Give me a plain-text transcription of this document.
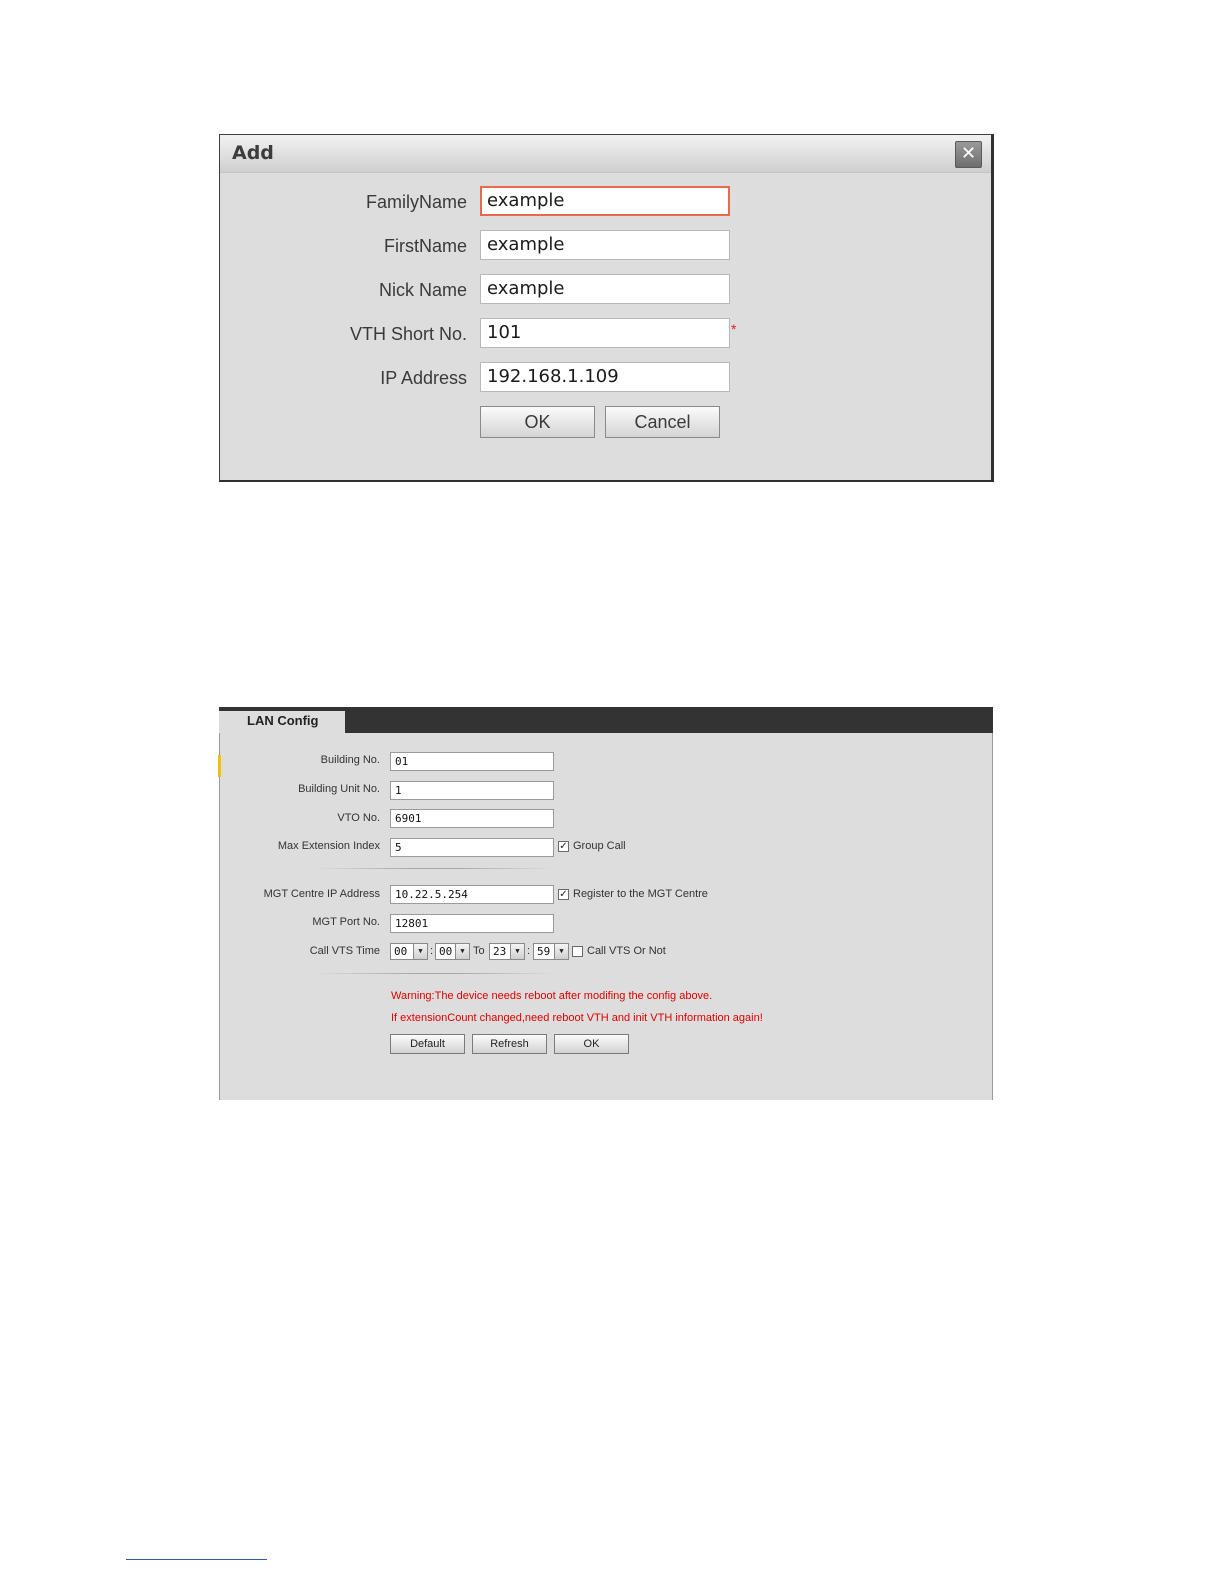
Add	✕
FamilyName	example
FirstName	example
Nick Name	example
VTH Short No.	101	*
IP Address	192.168.1.109
OK	Cancel
LAN Config
Building No.	01
Building Unit No.	1
VTO No.	6901
Max Extension Index	5	✓ Group Call
MGT Centre IP Address	10.22.5.254	✓ Register to the MGT Centre
MGT Port No.	12801
Call VTS Time	00	▼ : 00	▼ To 23	▼ : 59	▼	Call VTS Or Not
Warning:The device needs reboot after modifing the config above.
If extensionCount changed,need reboot VTH and init VTH information again!
Default	Refresh	OK
